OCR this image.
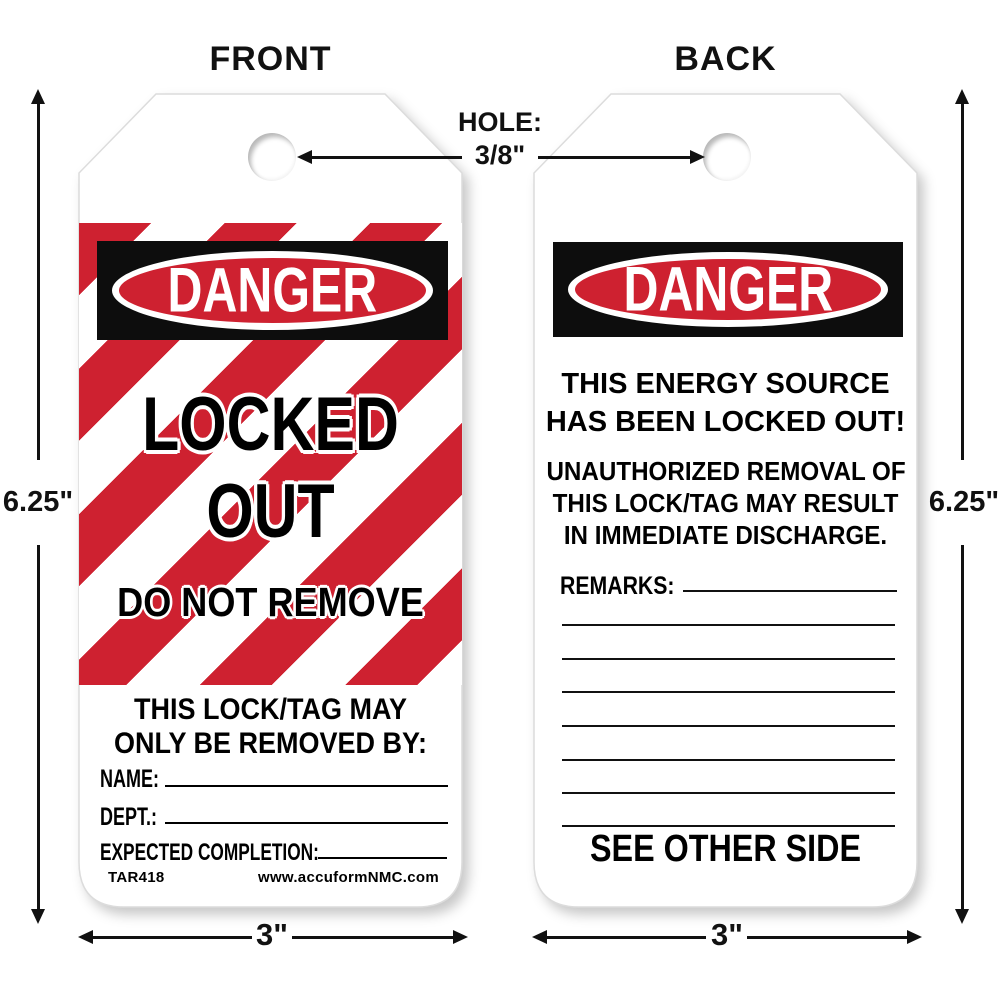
FRONT	BACK
DANGER
LOCKED
OUT
DO NOT REMOVE
THIS LOCK/TAG MAY
ONLY BE REMOVED BY:
NAME:
DEPT.:
EXPECTED COMPLETION:
TAR418	www.accuformNMC.com
DANGER
THIS ENERGY SOURCE
HAS BEEN LOCKED OUT!
UNAUTHORIZED REMOVAL OF
THIS LOCK/TAG MAY RESULT
IN IMMEDIATE DISCHARGE.
REMARKS:
SEE OTHER SIDE
HOLE:
3/8"
6.25"	6.25"
3"	3"
